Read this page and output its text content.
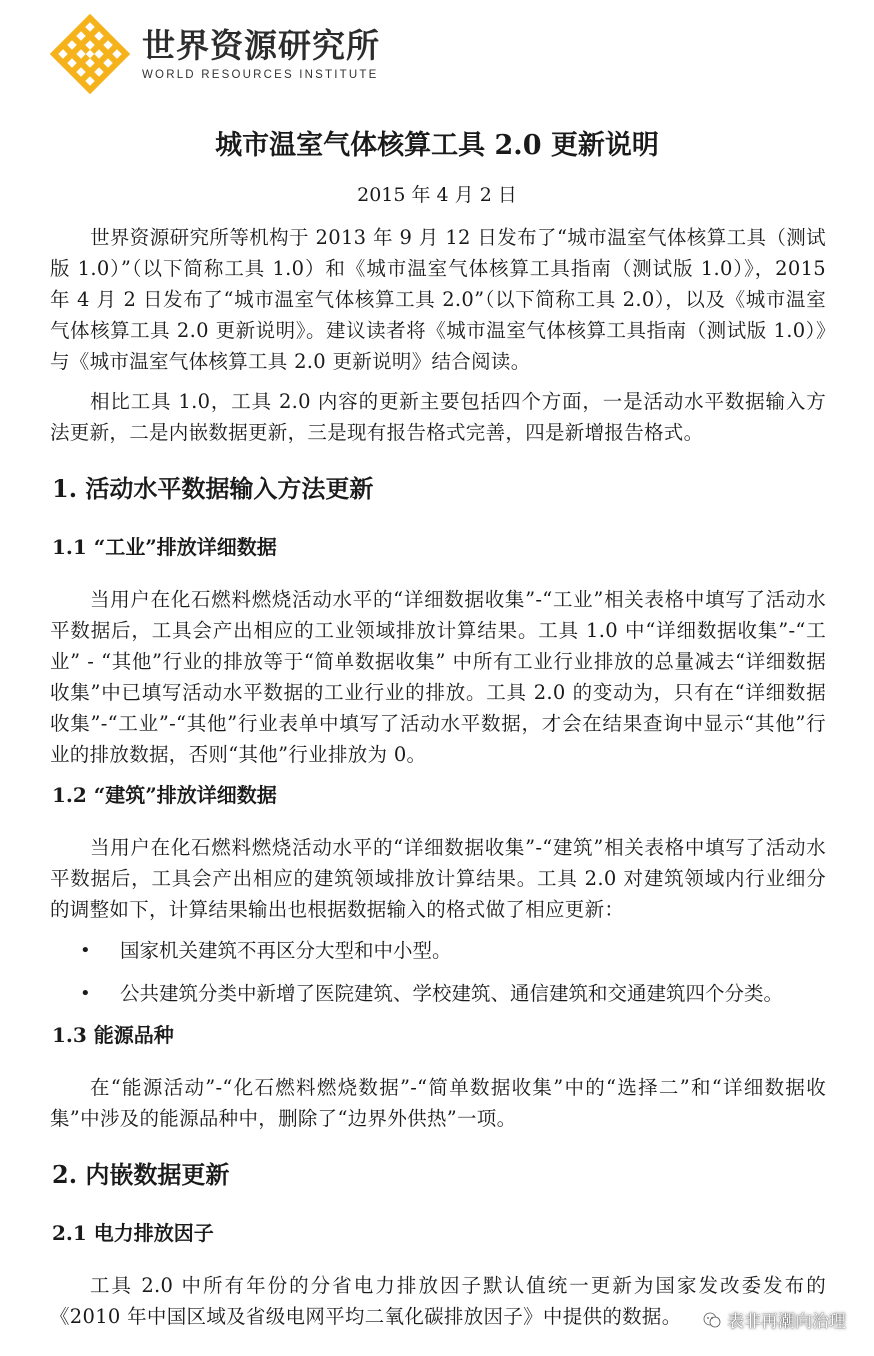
世界资源研究所
WORLD RESOURCES INSTITUTE
城市温室气体核算工具 2.0 更新说明
2015 年 4 月 2 日
世界资源研究所等机构于 2013 年 9 月 12 日发布了“城市温室气体核算工具（测试版 1.0）”（以下简称工具 1.0）和《城市温室气体核算工具指南（测试版 1.0）》，2015 年 4 月 2 日发布了“城市温室气体核算工具 2.0”（以下简称工具 2.0），以及《城市温室气体核算工具 2.0 更新说明》。建议读者将《城市温室气体核算工具指南（测试版 1.0）》与《城市温室气体核算工具 2.0 更新说明》结合阅读。
相比工具 1.0，工具 2.0 内容的更新主要包括四个方面，一是活动水平数据输入方法更新，二是内嵌数据更新，三是现有报告格式完善，四是新增报告格式。
1. 活动水平数据输入方法更新
1.1 “工业”排放详细数据
当用户在化石燃料燃烧活动水平的“详细数据收集”-“工业”相关表格中填写了活动水平数据后，工具会产出相应的工业领域排放计算结果。工具 1.0 中“详细数据收集”-“工业” - “其他”行业的排放等于“简单数据收集” 中所有工业行业排放的总量减去“详细数据收集”中已填写活动水平数据的工业行业的排放。工具 2.0 的变动为，只有在“详细数据收集”-“工业”-“其他”行业表单中填写了活动水平数据，才会在结果查询中显示“其他”行业的排放数据，否则“其他”行业排放为 0。
1.2 “建筑”排放详细数据
当用户在化石燃料燃烧活动水平的“详细数据收集”-“建筑”相关表格中填写了活动水平数据后，工具会产出相应的建筑领域排放计算结果。工具 2.0 对建筑领域内行业细分的调整如下，计算结果输出也根据数据输入的格式做了相应更新：
•	国家机关建筑不再区分大型和中小型。
•	公共建筑分类中新增了医院建筑、学校建筑、通信建筑和交通建筑四个分类。
1.3 能源品种
在“能源活动”-“化石燃料燃烧数据”-“简单数据收集”中的“选择二”和“详细数据收集”中涉及的能源品种中，删除了“边界外供热”一项。
2. 内嵌数据更新
2.1 电力排放因子
工具 2.0 中所有年份的分省电力排放因子默认值统一更新为国家发改委发布的《2010 年中国区域及省级电网平均二氧化碳排放因子》中提供的数据。	表非再潮向治理
